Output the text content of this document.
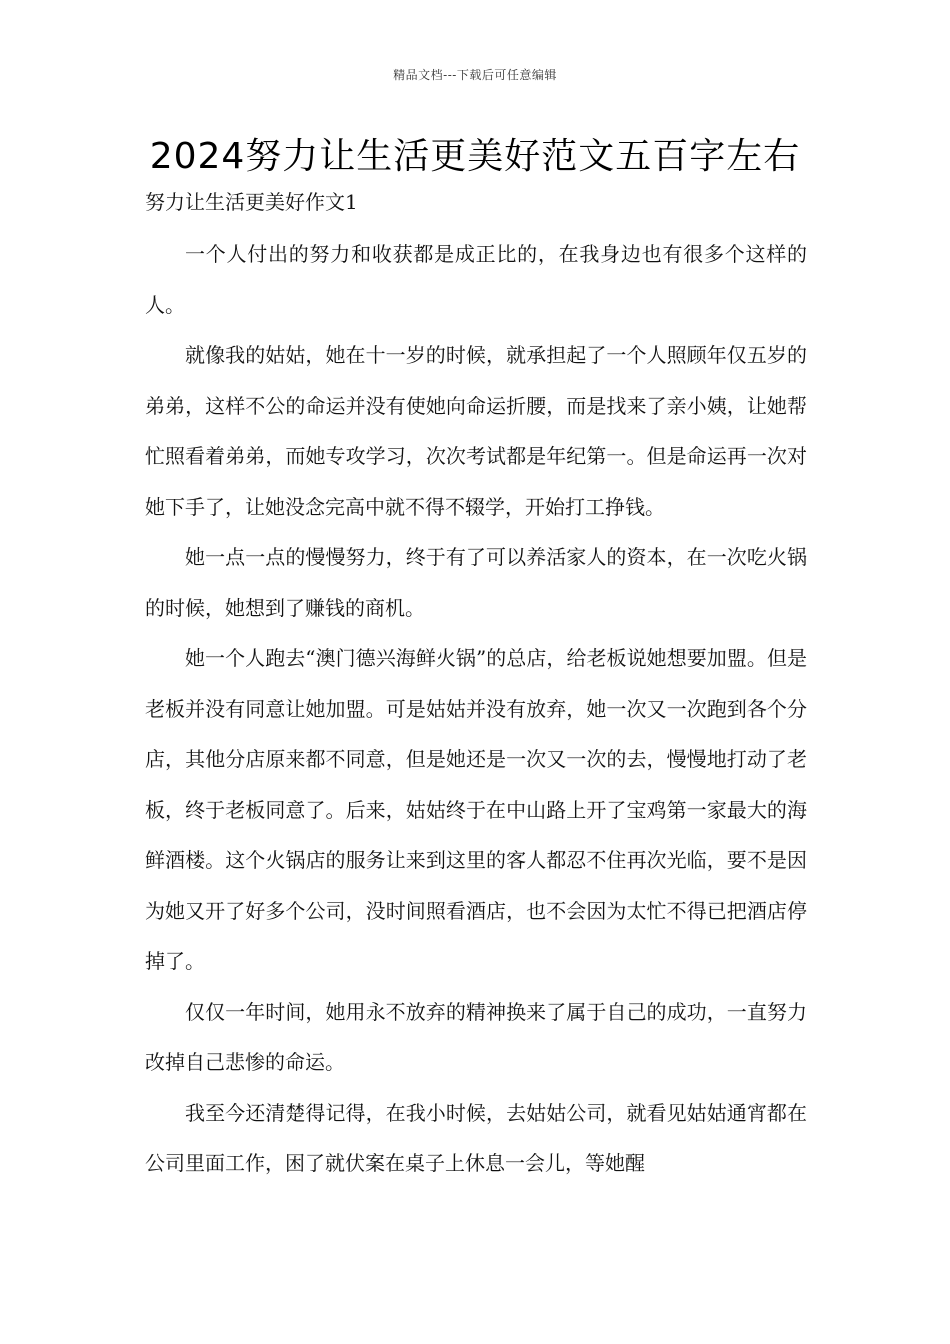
精品文档---下载后可任意编辑
2024努力让生活更美好范文五百字左右
努力让生活更美好作文1

一个人付出的努力和收获都是成正比的，在我身边也有很多个这样的人。

就像我的姑姑，她在十一岁的时候，就承担起了一个人照顾年仅五岁的弟弟，这样不公的命运并没有使她向命运折腰，而是找来了亲小姨，让她帮忙照看着弟弟，而她专攻学习，次次考试都是年纪第一。但是命运再一次对她下手了，让她没念完高中就不得不辍学，开始打工挣钱。

她一点一点的慢慢努力，终于有了可以养活家人的资本，在一次吃火锅的时候，她想到了赚钱的商机。

她一个人跑去“澳门德兴海鲜火锅”的总店，给老板说她想要加盟。但是老板并没有同意让她加盟。可是姑姑并没有放弃，她一次又一次跑到各个分店，其他分店原来都不同意，但是她还是一次又一次的去，慢慢地打动了老板，终于老板同意了。后来，姑姑终于在中山路上开了宝鸡第一家最大的海鲜酒楼。这个火锅店的服务让来到这里的客人都忍不住再次光临，要不是因为她又开了好多个公司，没时间照看酒店，也不会因为太忙不得已把酒店停掉了。

仅仅一年时间，她用永不放弃的精神换来了属于自己的成功，一直努力改掉自己悲惨的命运。

我至今还清楚得记得，在我小时候，去姑姑公司，就看见姑姑通宵都在公司里面工作，困了就伏案在桌子上休息一会儿，等她醒
